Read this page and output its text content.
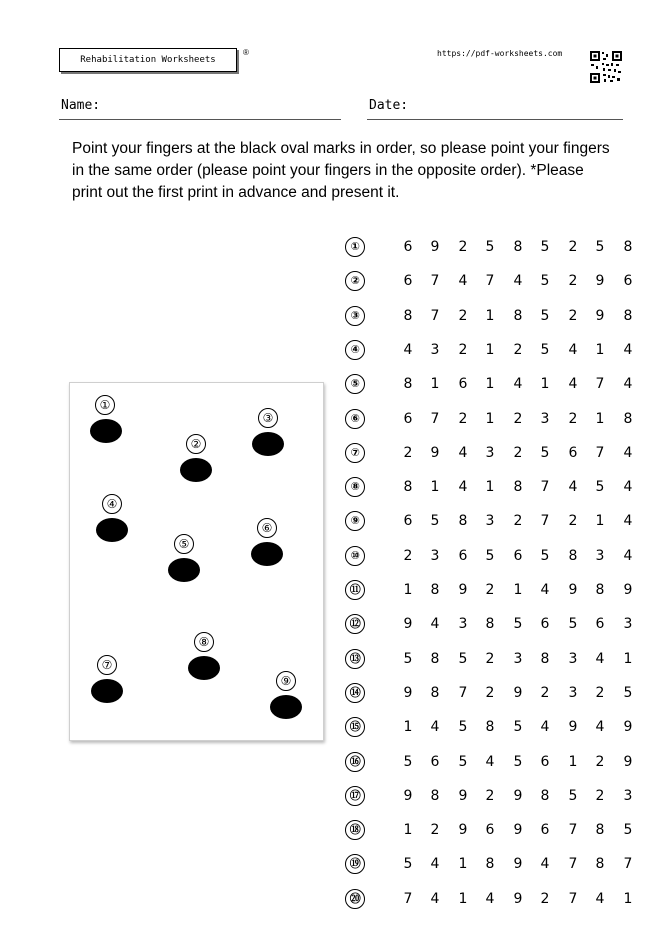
Rehabilitation Worksheets
®	https://pdf-worksheets.com
Name:	Date:
Point your fingers at the black oval marks in order, so please point your fingers in the same order (please point your fingers in the opposite order). *Please print out the first print in advance and present it.
①
②
③
④
⑤
⑥
⑦
⑧
⑨
①	6 9 2 5 8 5 2 5 8
②	6 7 4 7 4 5 2 9 6
③	8 7 2 1 8 5 2 9 8
④	4 3 2 1 2 5 4 1 4
⑤	8 1 6 1 4 1 4 7 4
⑥	6 7 2 1 2 3 2 1 8
⑦	2 9 4 3 2 5 6 7 4
⑧	8 1 4 1 8 7 4 5 4
⑨	6 5 8 3 2 7 2 1 4
⑩	2 3 6 5 6 5 8 3 4
⑪	1 8 9 2 1 4 9 8 9
⑫	9 4 3 8 5 6 5 6 3
⑬	5 8 5 2 3 8 3 4 1
⑭	9 8 7 2 9 2 3 2 5
⑮	1 4 5 8 5 4 9 4 9
⑯	5 6 5 4 5 6 1 2 9
⑰	9 8 9 2 9 8 5 2 3
⑱	1 2 9 6 9 6 7 8 5
⑲	5 4 1 8 9 4 7 8 7
⑳	7 4 1 4 9 2 7 4 1
